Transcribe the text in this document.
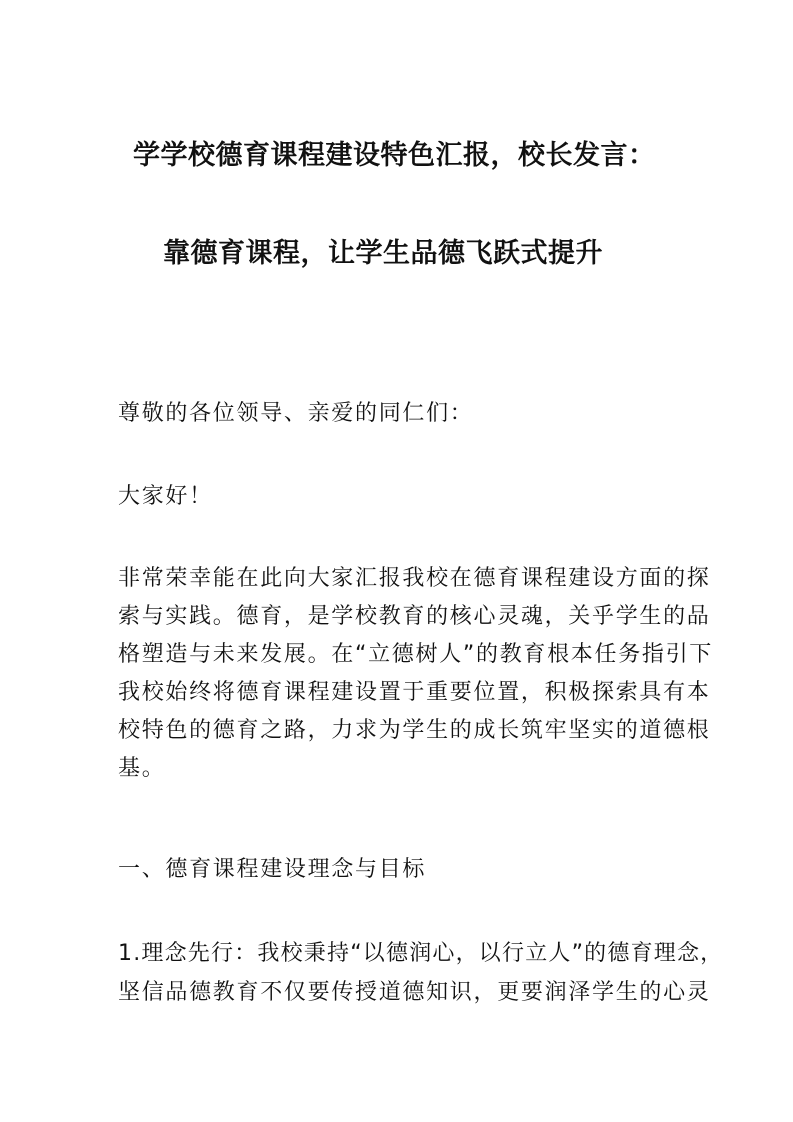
学学校德育课程建设特色汇报，校长发言：
靠德育课程，让学生品德飞跃式提升
尊敬的各位领导、亲爱的同仁们：
大家好！
非常荣幸能在此向大家汇报我校在德育课程建设方面的探
索与实践。德育，是学校教育的核心灵魂，关乎学生的品
格塑造与未来发展。在“立德树人”的教育根本任务指引下
我校始终将德育课程建设置于重要位置，积极探索具有本
校特色的德育之路，力求为学生的成长筑牢坚实的道德根
基。
一、德育课程建设理念与目标
1.理念先行：我校秉持“以德润心，以行立人”的德育理念，
坚信品德教育不仅要传授道德知识，更要润泽学生的心灵
